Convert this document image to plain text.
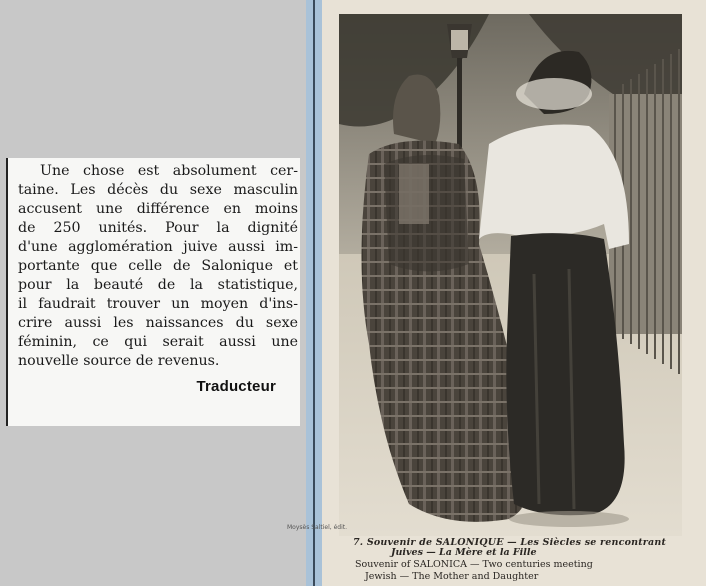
Une chose est absolument cer-
taine. Les décès du sexe masculin
accusent une différence en moins
de 250 unités. Pour la dignité
d'une agglomération juive aussi im-
portante que celle de Salonique et
pour la beauté de la statistique,
il faudrait trouver un moyen d'ins-
crire aussi les naissances du sexe
féminin, ce qui serait aussi une
nouvelle source de revenus.
Traducteur
Moysès Saltiel, édit.
7. Souvenir de SALONIQUE — Les Siècles se rencontrant
Juives — La Mère et la Fille
Souvenir of SALONICA — Two centuries meeting
Jewish — The Mother and Daughter
